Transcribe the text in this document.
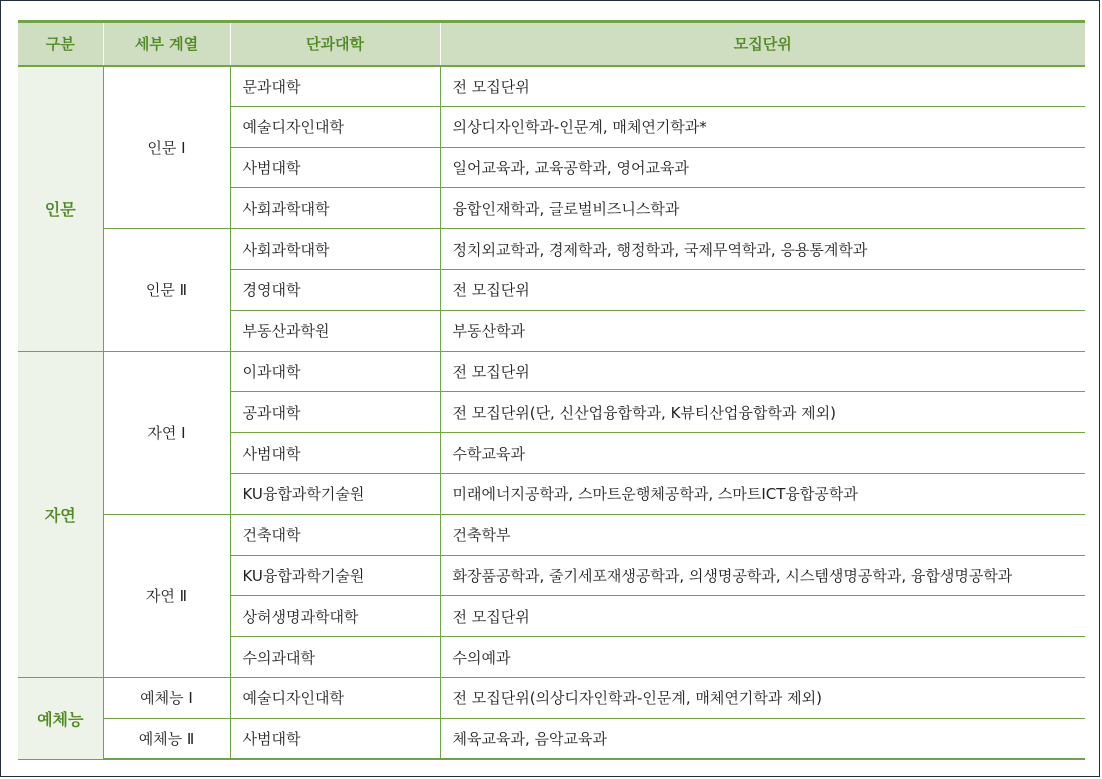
구분	세부 계열	단과대학	모집단위
인문	인문 Ⅰ	문과대학	전 모집단위
		예술디자인대학	의상디자인학과-인문계, 매체연기학과*
		사범대학	일어교육과, 교육공학과, 영어교육과
		사회과학대학	융합인재학과, 글로벌비즈니스학과
	인문 Ⅱ	사회과학대학	정치외교학과, 경제학과, 행정학과, 국제무역학과, 응용통계학과
		경영대학	전 모집단위
		부동산과학원	부동산학과
자연	자연 Ⅰ	이과대학	전 모집단위
		공과대학	전 모집단위(단, 신산업융합학과, K뷰티산업융합학과 제외)
		사범대학	수학교육과
		KU융합과학기술원	미래에너지공학과, 스마트운행체공학과, 스마트ICT융합공학과
	자연 Ⅱ	건축대학	건축학부
		KU융합과학기술원	화장품공학과, 줄기세포재생공학과, 의생명공학과, 시스템생명공학과, 융합생명공학과
		상허생명과학대학	전 모집단위
		수의과대학	수의예과
예체능	예체능 Ⅰ	예술디자인대학	전 모집단위(의상디자인학과-인문계, 매체연기학과 제외)
	예체능 Ⅱ	사범대학	체육교육과, 음악교육과
